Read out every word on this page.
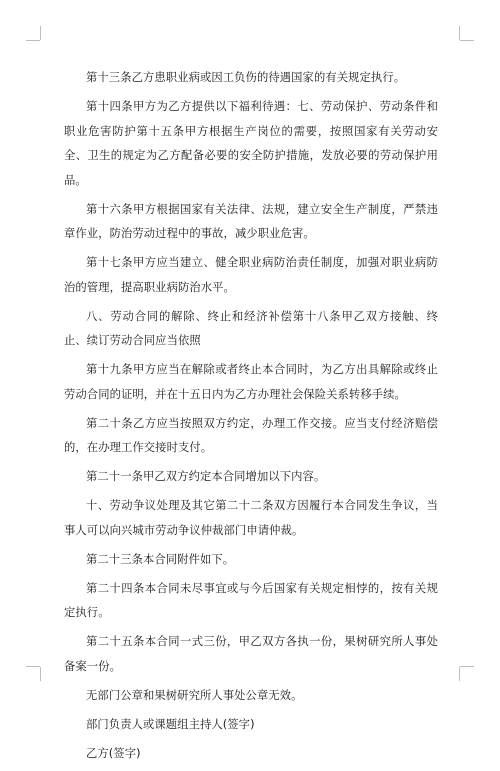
第十三条乙方患职业病或因工负伤的待遇国家的有关规定执行。

第十四条甲方为乙方提供以下福利待遇：七、劳动保护、劳动条件和职业危害防护第十五条甲方根据生产岗位的需要，按照国家有关劳动安全、卫生的规定为乙方配备必要的安全防护措施，发放必要的劳动保护用品。

第十六条甲方根据国家有关法律、法规，建立安全生产制度，严禁违章作业，防治劳动过程中的事故，减少职业危害。

第十七条甲方应当建立、健全职业病防治责任制度，加强对职业病防治的管理，提高职业病防治水平。

八、劳动合同的解除、终止和经济补偿第十八条甲乙双方接触、终止、续订劳动合同应当依照

第十九条甲方应当在解除或者终止本合同时，为乙方出具解除或终止劳动合同的证明，并在十五日内为乙方办理社会保险关系转移手续。

第二十条乙方应当按照双方约定，办理工作交接。应当支付经济赔偿的，在办理工作交接时支付。

第二十一条甲乙双方约定本合同增加以下内容。

十、劳动争议处理及其它第二十二条双方因履行本合同发生争议，当事人可以向兴城市劳动争议仲裁部门申请仲裁。

第二十三条本合同附件如下。

第二十四条本合同未尽事宜或与今后国家有关规定相悖的，按有关规定执行。

第二十五条本合同一式三份，甲乙双方各执一份，果树研究所人事处备案一份。

无部门公章和果树研究所人事处公章无效。

部门负责人或课题组主持人(签字)

乙方(签字)
